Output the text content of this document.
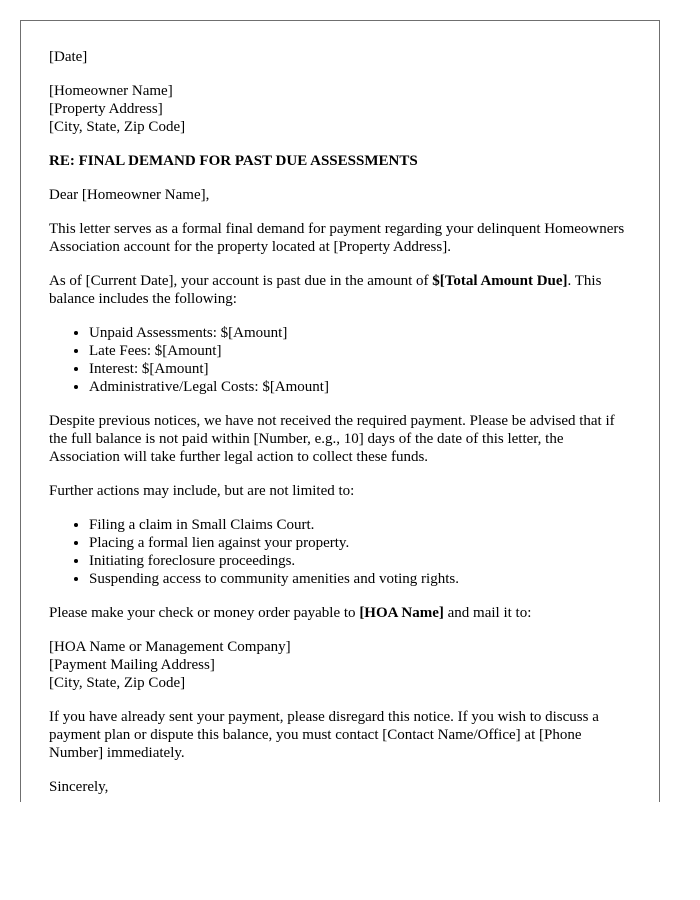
[Date]

[Homeowner Name]
[Property Address]
[City, State, Zip Code]

RE: FINAL DEMAND FOR PAST DUE ASSESSMENTS

Dear [Homeowner Name],

This letter serves as a formal final demand for payment regarding your delinquent Homeowners Association account for the property located at [Property Address].

As of [Current Date], your account is past due in the amount of $[Total Amount Due]. This balance includes the following:

• Unpaid Assessments: $[Amount]
• Late Fees: $[Amount]
• Interest: $[Amount]
• Administrative/Legal Costs: $[Amount]

Despite previous notices, we have not received the required payment. Please be advised that if the full balance is not paid within [Number, e.g., 10] days of the date of this letter, the Association will take further legal action to collect these funds.

Further actions may include, but are not limited to:

• Filing a claim in Small Claims Court.
• Placing a formal lien against your property.
• Initiating foreclosure proceedings.
• Suspending access to community amenities and voting rights.

Please make your check or money order payable to [HOA Name] and mail it to:

[HOA Name or Management Company]
[Payment Mailing Address]
[City, State, Zip Code]

If you have already sent your payment, please disregard this notice. If you wish to discuss a payment plan or dispute this balance, you must contact [Contact Name/Office] at [Phone Number] immediately.

Sincerely,
